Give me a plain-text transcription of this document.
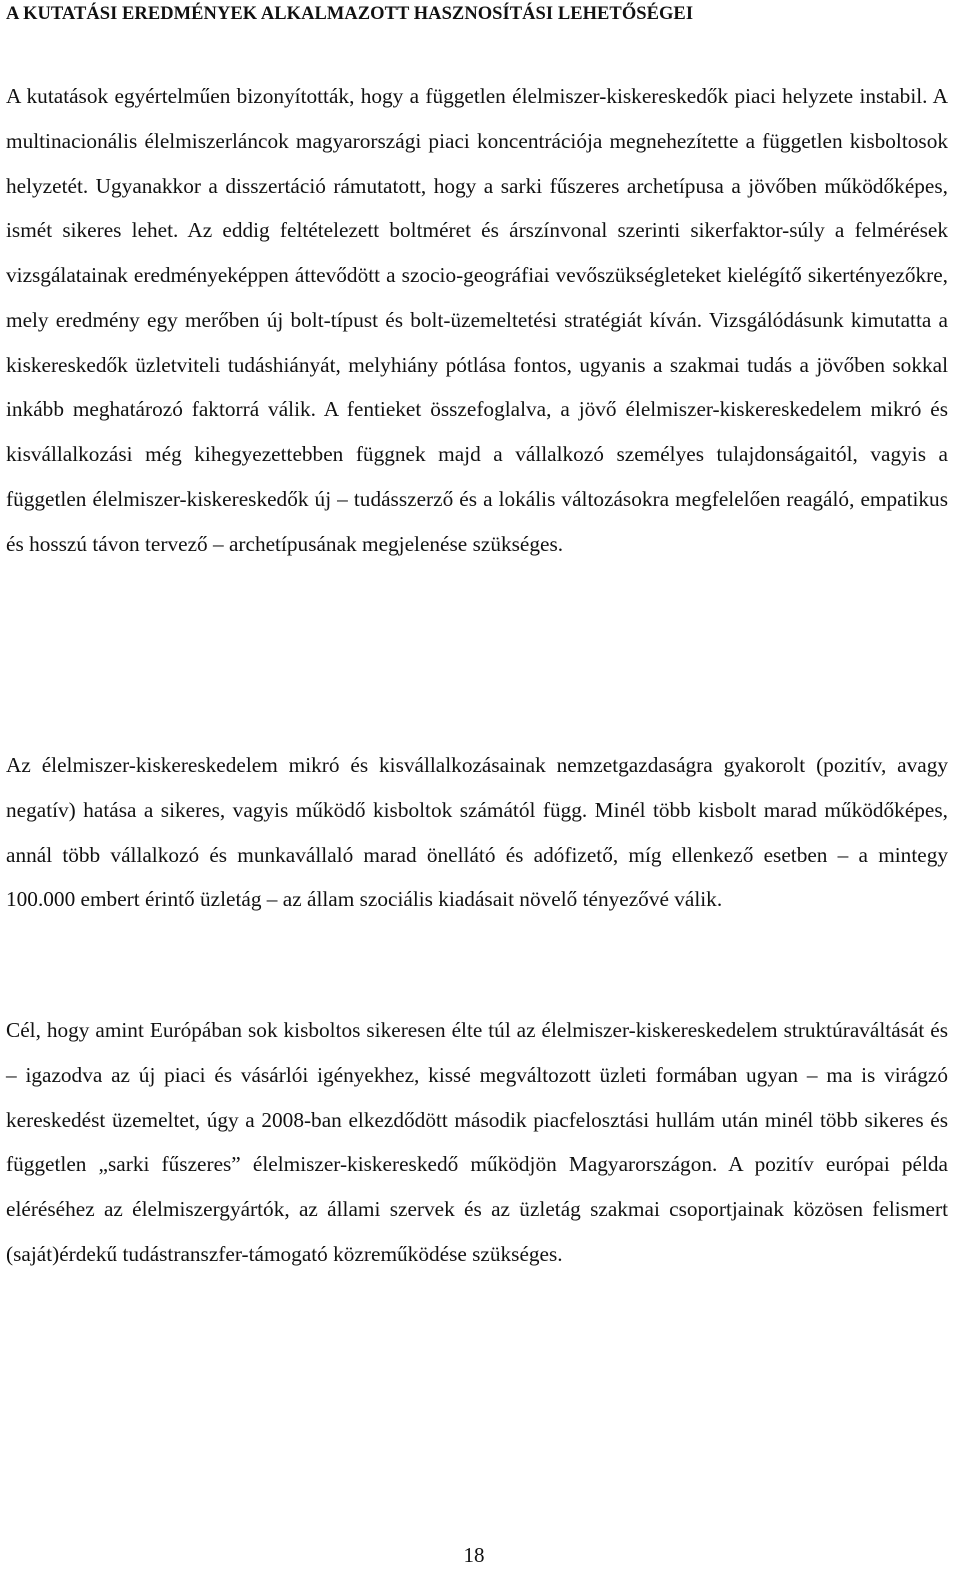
A KUTATÁSI EREDMÉNYEK ALKALMAZOTT HASZNOSÍTÁSI LEHETŐSÉGEI

A kutatások egyértelműen bizonyították, hogy a független élelmiszer-kiskereskedők piaci helyzete instabil. A multinacionális élelmiszerláncok magyarországi piaci koncentrációja megnehezítette a független kisboltosok helyzetét. Ugyanakkor a disszertáció rámutatott, hogy a sarki fűszeres archetípusa a jövőben működőképes, ismét sikeres lehet. Az eddig feltételezett boltméret és árszínvonal szerinti sikerfaktor-súly a felmérések vizsgálatainak eredményeképpen áttevődött a szocio-geográfiai vevőszükségleteket kielégítő sikertényezőkre, mely eredmény egy merőben új bolt-típust és bolt-üzemeltetési stratégiát kíván. Vizsgálódásunk kimutatta a kiskereskedők üzletviteli tudáshiányát, melyhiány pótlása fontos, ugyanis a szakmai tudás a jövőben sokkal inkább meghatározó faktorrá válik. A fentieket összefoglalva, a jövő élelmiszer-kiskereskedelem mikró és kisvállalkozási még kihegyezettebben függnek majd a vállalkozó személyes tulajdonságaitól, vagyis a független élelmiszer-kiskereskedők új – tudásszerző és a lokális változásokra megfelelően reagáló, empatikus és hosszú távon tervező – archetípusának megjelenése szükséges.

Az élelmiszer-kiskereskedelem mikró és kisvállalkozásainak nemzetgazdaságra gyakorolt (pozitív, avagy negatív) hatása a sikeres, vagyis működő kisboltok számától függ. Minél több kisbolt marad működőképes, annál több vállalkozó és munkavállaló marad önellátó és adófizető, míg ellenkező esetben – a mintegy 100.000 embert érintő üzletág – az állam szociális kiadásait növelő tényezővé válik.

Cél, hogy amint Európában sok kisboltos sikeresen élte túl az élelmiszer-kiskereskedelem struktúraváltását és – igazodva az új piaci és vásárlói igényekhez, kissé megváltozott üzleti formában ugyan – ma is virágzó kereskedést üzemeltet, úgy a 2008-ban elkezdődött második piacfelosztási hullám után minél több sikeres és független „sarki fűszeres” élelmiszer-kiskereskedő működjön Magyarországon. A pozitív európai példa eléréséhez az élelmiszergyártók, az állami szervek és az üzletág szakmai csoportjainak közösen felismert (saját)érdekű tudástranszfer-támogató közreműködése szükséges.

18
